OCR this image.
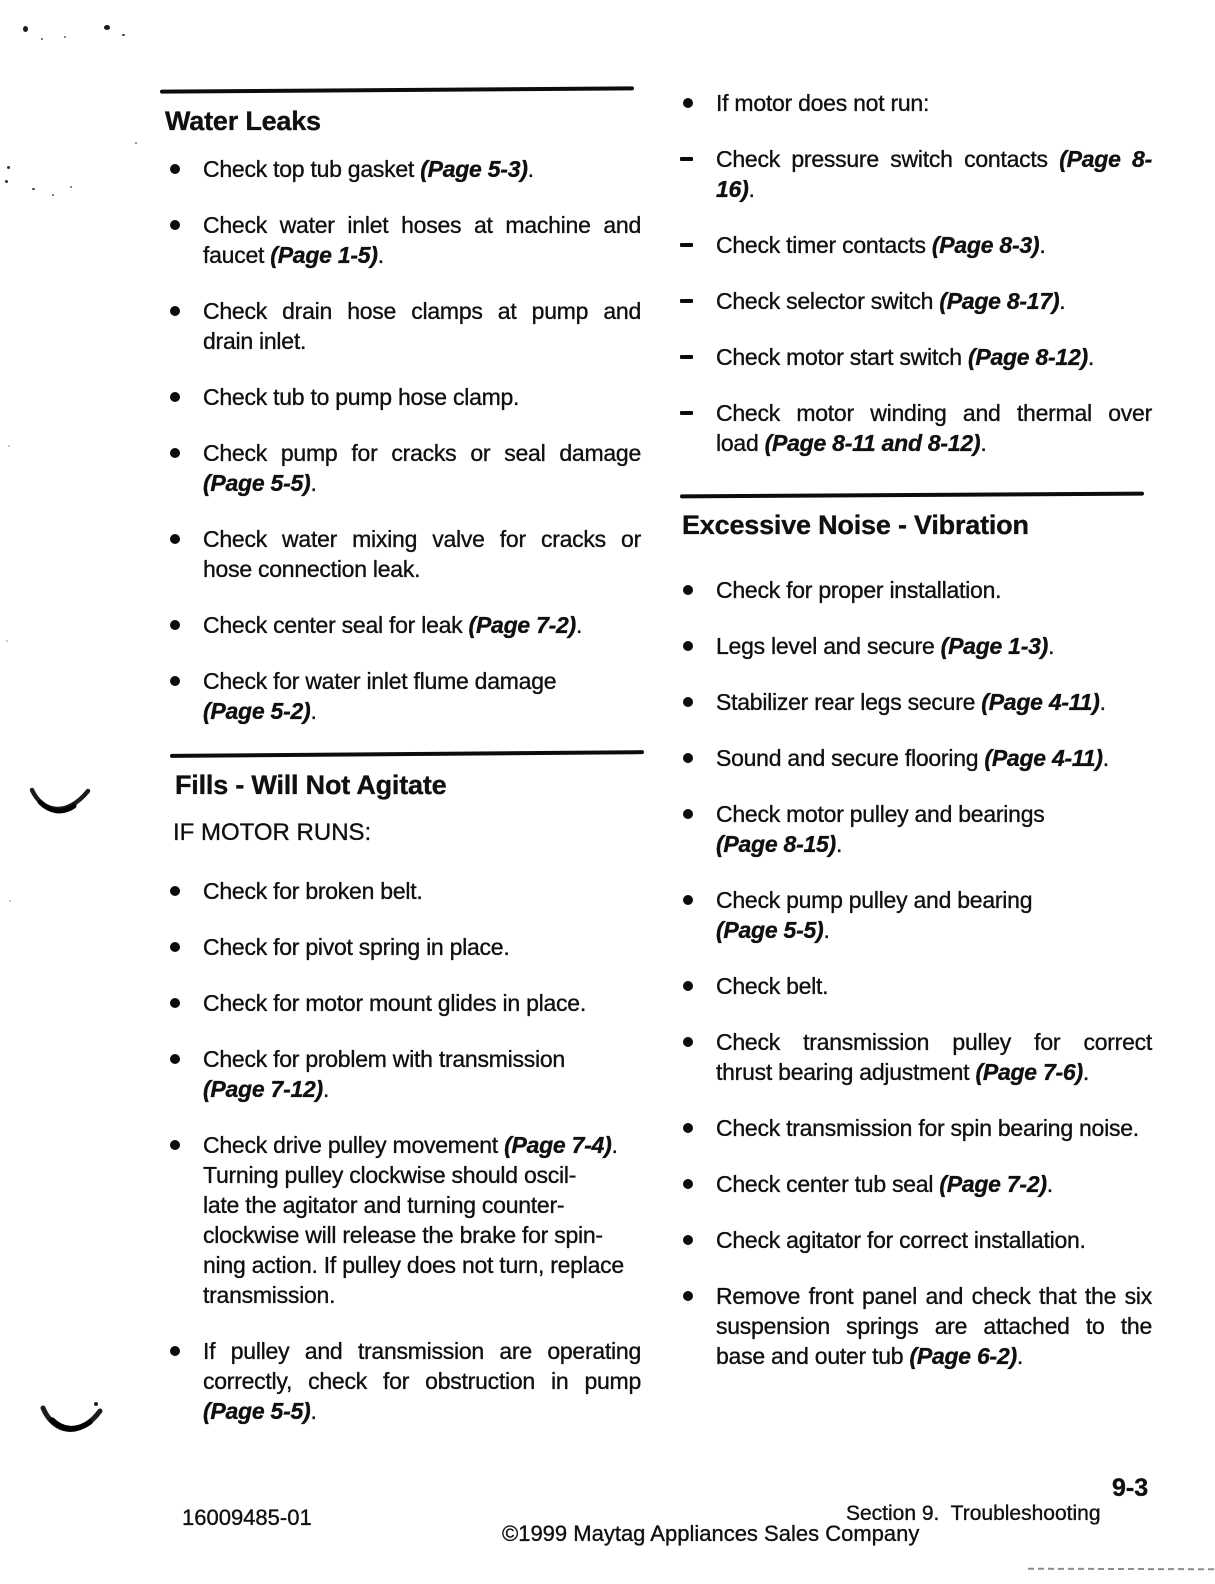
Water Leaks
Check top tub gasket (Page 5-3).
Check water inlet hoses at machine and
faucet (Page 1-5).
Check drain hose clamps at pump and
drain inlet.
Check tub to pump hose clamp.
Check pump for cracks or seal damage
(Page 5-5).
Check water mixing valve for cracks or
hose connection leak.
Check center seal for leak (Page 7-2).
Check for water inlet flume damage
(Page 5-2).
Fills - Will Not Agitate

IF MOTOR RUNS:

Check for broken belt.
Check for pivot spring in place.
Check for motor mount glides in place.
Check for problem with transmission
(Page 7-12).
Check drive pulley movement (Page 7-4).
Turning pulley clockwise should oscil-
late the agitator and turning counter-
clockwise will release the brake for spin-
ning action. If pulley does not turn, replace
transmission.
If pulley and transmission are operating
correctly, check for obstruction in pump
(Page 5-5).
If motor does not run:
Check pressure switch contacts (Page 8-
16).
Check timer contacts (Page 8-3).
Check selector switch (Page 8-17).
Check motor start switch (Page 8-12).
Check motor winding and thermal over
load (Page 8-11 and 8-12).
Excessive Noise - Vibration
Check for proper installation.
Legs level and secure (Page 1-3).
Stabilizer rear legs secure (Page 4-11).
Sound and secure flooring (Page 4-11).
Check motor pulley and bearings
(Page 8-15).
Check pump pulley and bearing
(Page 5-5).
Check belt.
Check transmission pulley for correct
thrust bearing adjustment (Page 7-6).
Check transmission for spin bearing noise.
Check center tub seal (Page 7-2).
Check agitator for correct installation.
Remove front panel and check that the six
suspension springs are attached to the
base and outer tub (Page 6-2).
16009485-01
©1999 Maytag Appliances Sales Company
Section 9.  Troubleshooting
9-3
